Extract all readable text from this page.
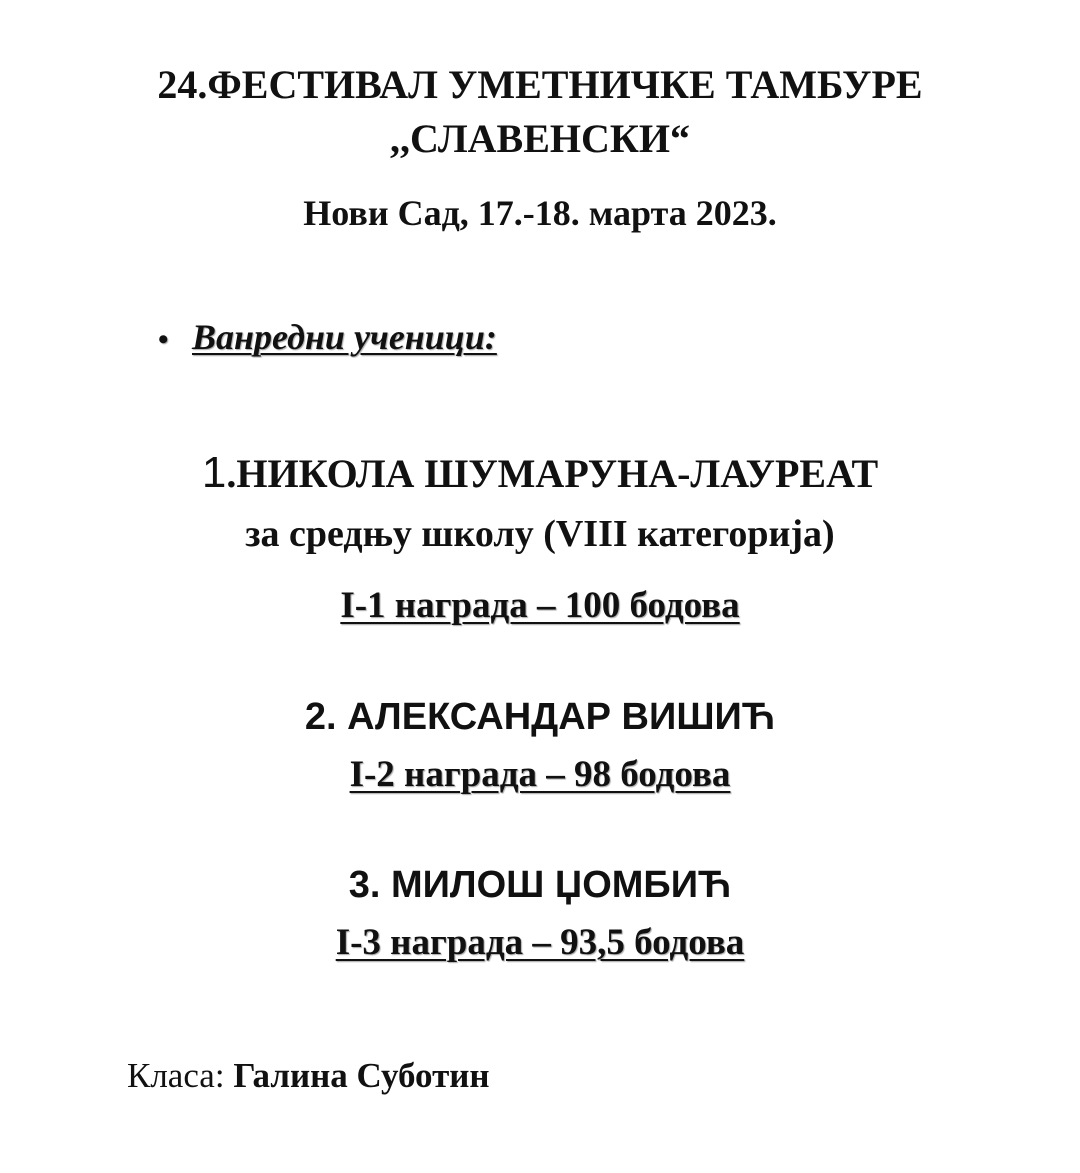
24.ФЕСТИВАЛ УМЕТНИЧКЕ ТАМБУРЕ
,,СЛАВЕНСКИ“
Нови Сад, 17.-18. марта 2023.
• Ванредни ученици:
1.НИКОЛА ШУМАРУНА-ЛАУРЕАТ
за средњу школу (VIII категорија)
I-1 награда – 100 бодова
2. АЛЕКСАНДАР ВИШИЋ
I-2 награда – 98 бодова
3. МИЛОШ ЏОМБИЋ
I-3 награда – 93,5 бодова
Класа: Галина Суботин
